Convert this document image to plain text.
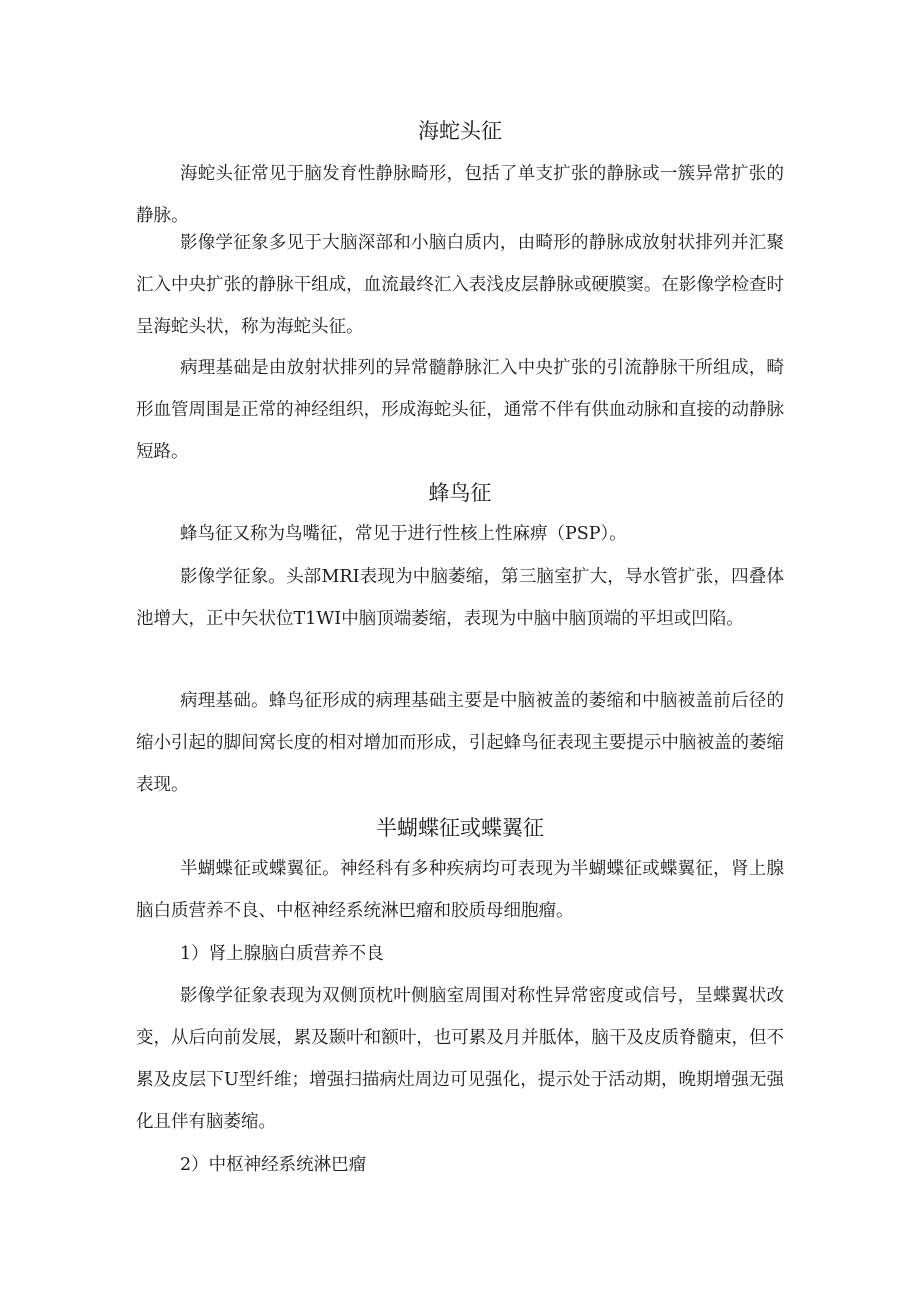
海蛇头征

海蛇头征常见于脑发育性静脉畸形，包括了单支扩张的静脉或一簇异常扩张的静脉。

影像学征象多见于大脑深部和小脑白质内，由畸形的静脉成放射状排列并汇聚汇入中央扩张的静脉干组成，血流最终汇入表浅皮层静脉或硬膜窦。在影像学检查时呈海蛇头状，称为海蛇头征。

病理基础是由放射状排列的异常髓静脉汇入中央扩张的引流静脉干所组成，畸形血管周围是正常的神经组织，形成海蛇头征，通常不伴有供血动脉和直接的动静脉短路。

蜂鸟征

蜂鸟征又称为鸟嘴征，常见于进行性核上性麻痹（PSP）。

影像学征象。头部MRI表现为中脑萎缩，第三脑室扩大，导水管扩张，四叠体池增大，正中矢状位T1WI中脑顶端萎缩，表现为中脑中脑顶端的平坦或凹陷。

病理基础。蜂鸟征形成的病理基础主要是中脑被盖的萎缩和中脑被盖前后径的缩小引起的脚间窝长度的相对增加而形成，引起蜂鸟征表现主要提示中脑被盖的萎缩表现。

半蝴蝶征或蝶翼征

半蝴蝶征或蝶翼征。神经科有多种疾病均可表现为半蝴蝶征或蝶翼征，肾上腺脑白质营养不良、中枢神经系统淋巴瘤和胶质母细胞瘤。

1）肾上腺脑白质营养不良

影像学征象表现为双侧顶枕叶侧脑室周围对称性异常密度或信号，呈蝶翼状改变，从后向前发展，累及颞叶和额叶，也可累及月并胝体，脑干及皮质脊髓束，但不累及皮层下U型纤维；增强扫描病灶周边可见强化，提示处于活动期，晚期增强无强化且伴有脑萎缩。

2）中枢神经系统淋巴瘤
